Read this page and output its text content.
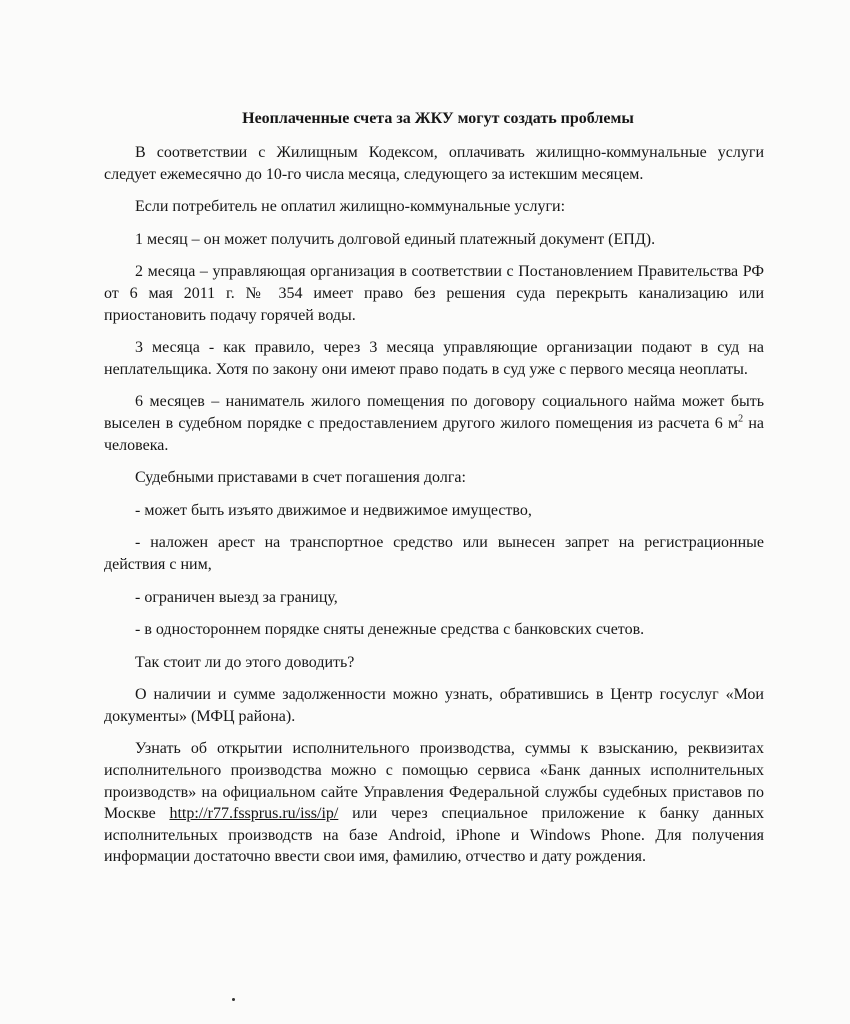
Неоплаченные счета за ЖКУ могут создать проблемы

В соответствии с Жилищным Кодексом, оплачивать жилищно-коммунальные услуги следует ежемесячно до 10-го числа месяца, следующего за истекшим месяцем.

Если потребитель не оплатил жилищно-коммунальные услуги:

1 месяц – он может получить долговой единый платежный документ (ЕПД).

2 месяца – управляющая организация в соответствии с Постановлением Правительства РФ от 6 мая 2011 г. № 354 имеет право без решения суда перекрыть канализацию или приостановить подачу горячей воды.

3 месяца - как правило, через 3 месяца управляющие организации подают в суд на неплательщика. Хотя по закону они имеют право подать в суд уже с первого месяца неоплаты.

6 месяцев – наниматель жилого помещения по договору социального найма может быть выселен в судебном порядке с предоставлением другого жилого помещения из расчета 6 $м^2$ на человека.

Судебными приставами в счет погашения долга:

- может быть изъято движимое и недвижимое имущество,

- наложен арест на транспортное средство или вынесен запрет на регистрационные действия с ним,

- ограничен выезд за границу,

- в одностороннем порядке сняты денежные средства с банковских счетов.

Так стоит ли до этого доводить?

О наличии и сумме задолженности можно узнать, обратившись в Центр госуслуг «Мои документы» (МФЦ района).

Узнать об открытии исполнительного производства, суммы к взысканию, реквизитах исполнительного производства можно с помощью сервиса «Банк данных исполнительных производств» на официальном сайте Управления Федеральной службы судебных приставов по Москве http://r77.fssprus.ru/iss/ip/ или через специальное приложение к банку данных исполнительных производств на базе Android, iPhone и Windows Phone. Для получения информации достаточно ввести свои имя, фамилию, отчество и дату рождения.
